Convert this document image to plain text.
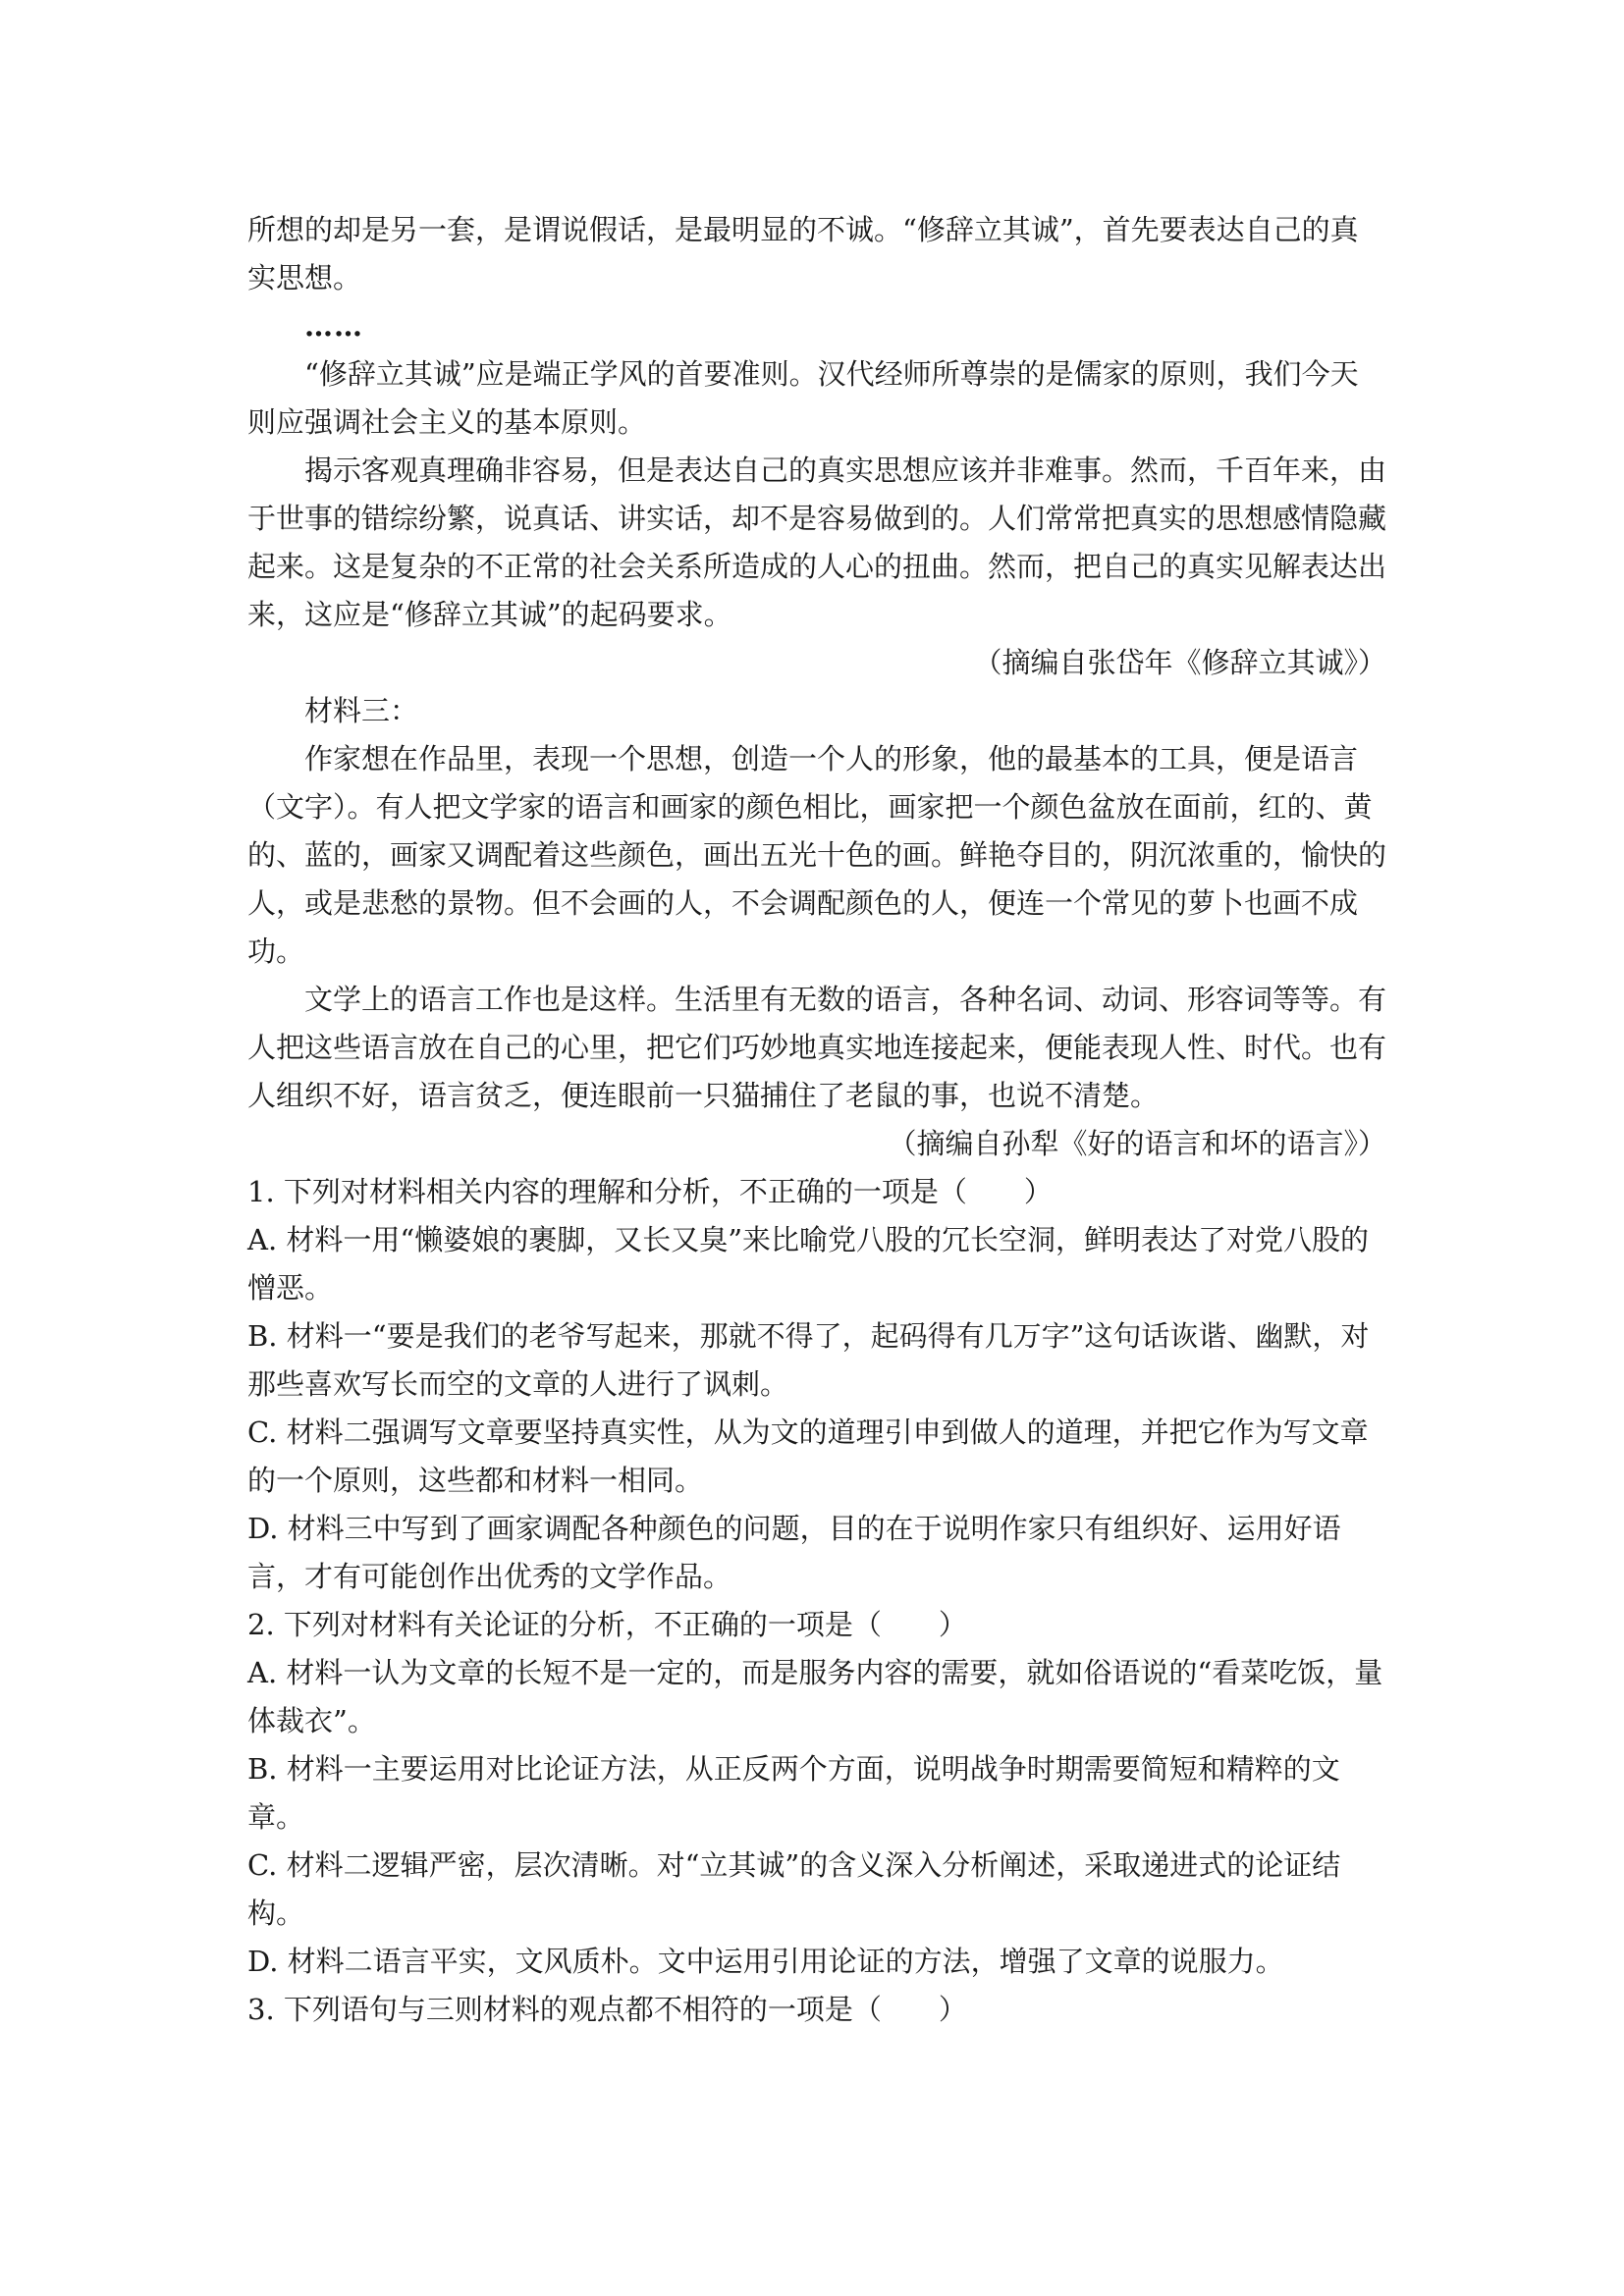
所想的却是另一套，是谓说假话，是最明显的不诚。“修辞立其诚”，首先要表达自己的真实思想。

……

“修辞立其诚”应是端正学风的首要准则。汉代经师所尊崇的是儒家的原则，我们今天则应强调社会主义的基本原则。

揭示客观真理确非容易，但是表达自己的真实思想应该并非难事。然而，千百年来，由于世事的错综纷繁，说真话、讲实话，却不是容易做到的。人们常常把真实的思想感情隐藏起来。这是复杂的不正常的社会关系所造成的人心的扭曲。然而，把自己的真实见解表达出来，这应是“修辞立其诚”的起码要求。

（摘编自张岱年《修辞立其诚》）

材料三：

作家想在作品里，表现一个思想，创造一个人的形象，他的最基本的工具，便是语言（文字）。有人把文学家的语言和画家的颜色相比，画家把一个颜色盆放在面前，红的、黄的、蓝的，画家又调配着这些颜色，画出五光十色的画。鲜艳夺目的，阴沉浓重的，愉快的人，或是悲愁的景物。但不会画的人，不会调配颜色的人，便连一个常见的萝卜也画不成功。

文学上的语言工作也是这样。生活里有无数的语言，各种名词、动词、形容词等等。有人把这些语言放在自己的心里，把它们巧妙地真实地连接起来，便能表现人性、时代。也有人组织不好，语言贫乏，便连眼前一只猫捕住了老鼠的事，也说不清楚。

（摘编自孙犁《好的语言和坏的语言》）

1. 下列对材料相关内容的理解和分析，不正确的一项是（　　）

A. 材料一用“懒婆娘的裹脚，又长又臭”来比喻党八股的冗长空洞，鲜明表达了对党八股的憎恶。

B. 材料一“要是我们的老爷写起来，那就不得了，起码得有几万字”这句话诙谐、幽默，对那些喜欢写长而空的文章的人进行了讽刺。

C. 材料二强调写文章要坚持真实性，从为文的道理引申到做人的道理，并把它作为写文章的一个原则，这些都和材料一相同。

D. 材料三中写到了画家调配各种颜色的问题，目的在于说明作家只有组织好、运用好语言，才有可能创作出优秀的文学作品。

2. 下列对材料有关论证的分析，不正确的一项是（　　）

A. 材料一认为文章的长短不是一定的，而是服务内容的需要，就如俗语说的“看菜吃饭，量体裁衣”。

B. 材料一主要运用对比论证方法，从正反两个方面，说明战争时期需要简短和精粹的文章。

C. 材料二逻辑严密，层次清晰。对“立其诚”的含义深入分析阐述，采取递进式的论证结构。

D. 材料二语言平实，文风质朴。文中运用引用论证的方法，增强了文章的说服力。

3. 下列语句与三则材料的观点都不相符的一项是（　　）
